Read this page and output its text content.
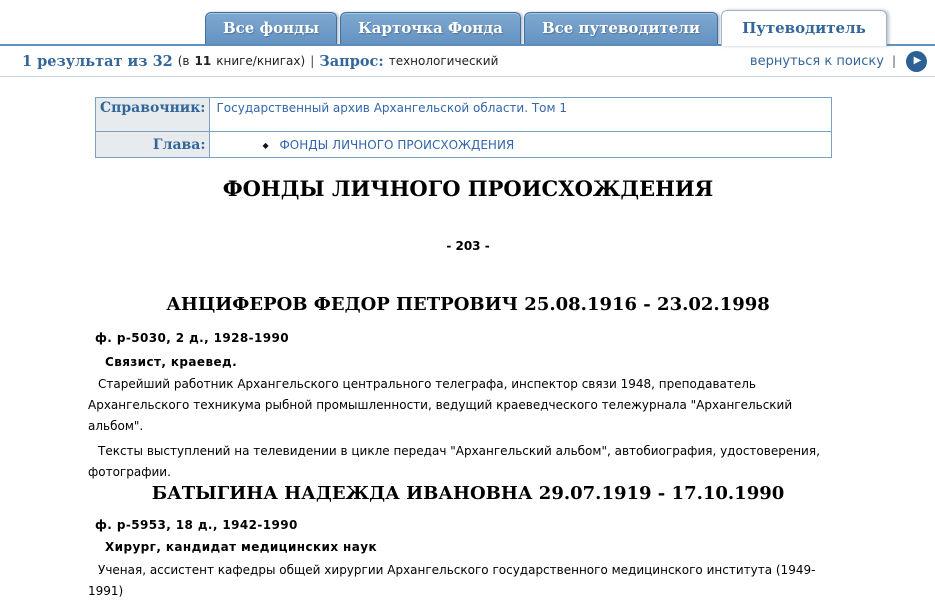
Все фонды	Карточка Фонда	Все путеводители	Путеводитель
1 результат из 32 (в 11 книге/книгах) | Запрос: технологический	вернуться к поиску | ▶
Справочник:	Государственный архив Архангельской области. Том 1
Глава:	◆ ФОНДЫ ЛИЧНОГО ПРОИСХОЖДЕНИЯ
ФОНДЫ ЛИЧНОГО ПРОИСХОЖДЕНИЯ
- 203 -
АНЦИФЕРОВ ФЕДОР ПЕТРОВИЧ 25.08.1916 - 23.02.1998
ф. р-5030, 2 д., 1928-1990
Связист, краевед.
Старейший работник Архангельского центрального телеграфа, инспектор связи 1948, преподаватель Архангельского техникума рыбной промышленности, ведущий краеведческого тележурнала "Архангельский альбом".
Тексты выступлений на телевидении в цикле передач "Архангельский альбом", автобиография, удостоверения, фотографии.
БАТЫГИНА НАДЕЖДА ИВАНОВНА 29.07.1919 - 17.10.1990
ф. р-5953, 18 д., 1942-1990
Хирург, кандидат медицинских наук
Ученая, ассистент кафедры общей хирургии Архангельского государственного медицинского института (1949-1991)
